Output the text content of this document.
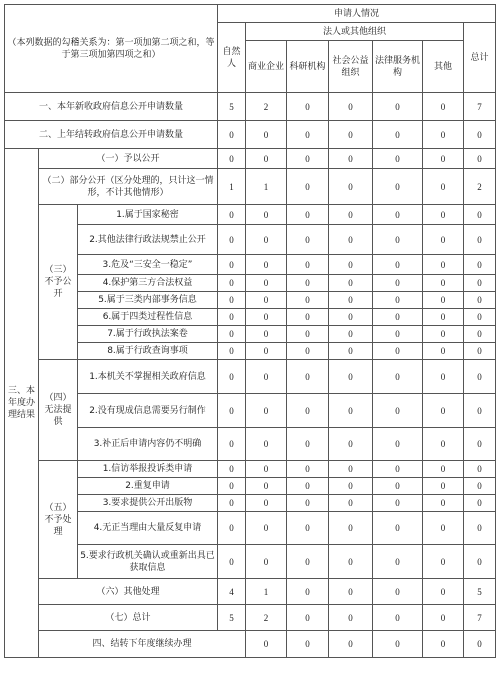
（本列数据的勾稽关系为：第一项加第二项之和，等于第三项加第四项之和）			申请人情况							
			自然人	法人或其他组织					总计	
				商业企业	科研机构	社会公益组织	法律服务机构	其他		
一、本年新收政府信息公开申请数量			5	2	0	0	0	0	7	
二、上年结转政府信息公开申请数量			0	0	0	0	0	0	0	
三、本年度办理结果	（一）予以公开		0	0	0	0	0	0	0	
	（二）部分公开（区分处理的，只计这一情形，不计其他情形）		1	1	0	0	0	0	2	
	（三）不予公开	1.属于国家秘密	0	0	0	0	0	0	0	
		2.其他法律行政法规禁止公开	0	0	0	0	0	0	0	
		3.危及“三安全一稳定”	0	0	0	0	0	0	0	
		4.保护第三方合法权益	0	0	0	0	0	0	0	
		5.属于三类内部事务信息	0	0	0	0	0	0	0	
		6.属于四类过程性信息	0	0	0	0	0	0	0	
		7.属于行政执法案卷	0	0	0	0	0	0	0	
		8.属于行政查询事项	0	0	0	0	0	0	0	
	（四）无法提供	1.本机关不掌握相关政府信息	0	0	0	0	0	0	0	
		2.没有现成信息需要另行制作	0	0	0	0	0	0	0	
		3.补正后申请内容仍不明确	0	0	0	0	0	0	0	
	（五）不予处理	1.信访举报投诉类申请	0	0	0	0	0	0	0	
		2.重复申请	0	0	0	0	0	0	0	
		3.要求提供公开出版物	0	0	0	0	0	0	0	
		4.无正当理由大量反复申请	0	0	0	0	0	0	0	
		5.要求行政机关确认或重新出具已获取信息	0	0	0	0	0	0	0	
	（六）其他处理		4	1	0	0	0	0	5	
	（七）总计		5	2	0	0	0	0	7	
	四、结转下年度继续办理			0	0	0	0	0	0	
